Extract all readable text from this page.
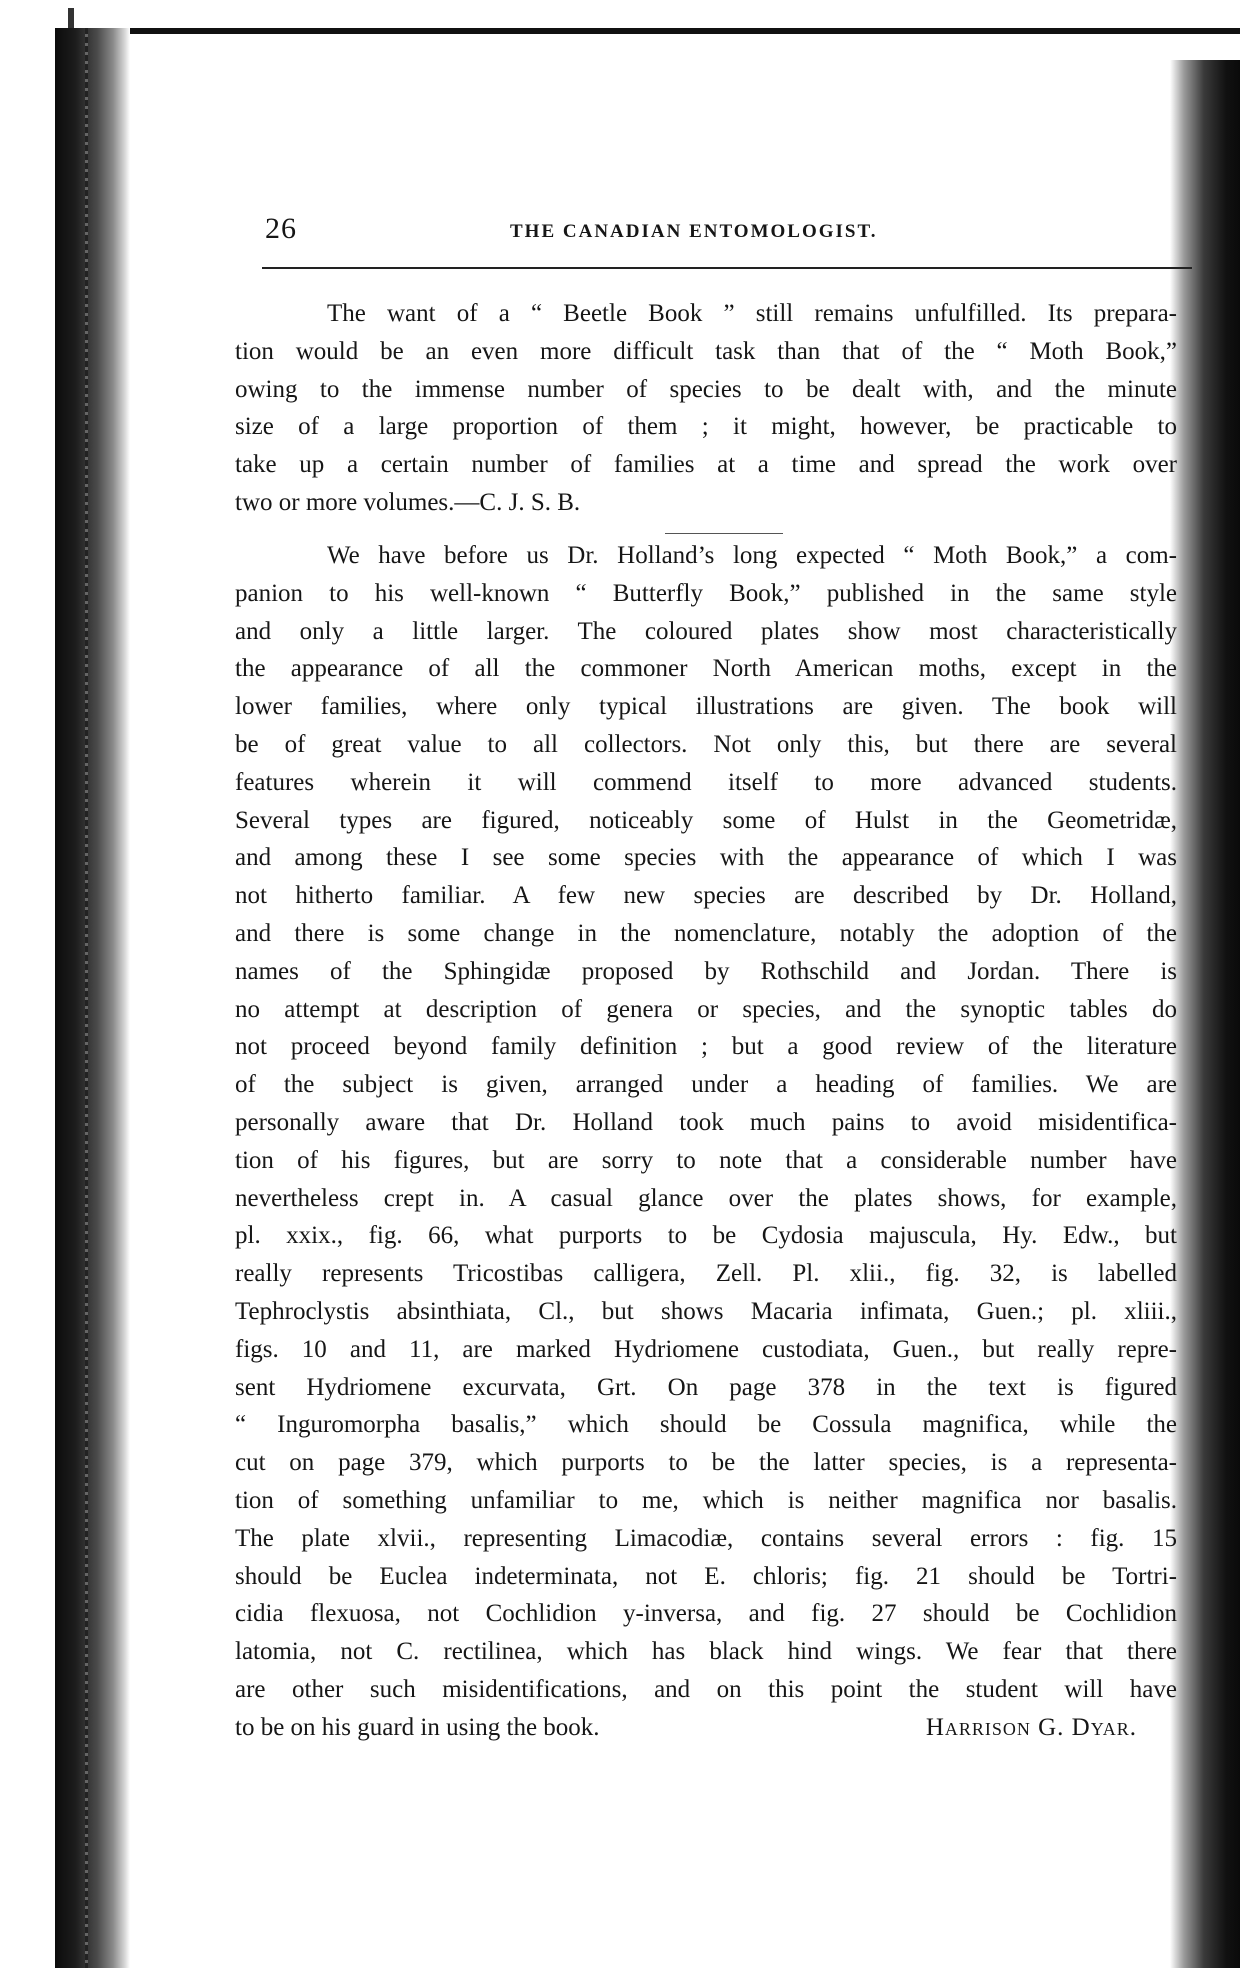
26	THE CANADIAN ENTOMOLOGIST.
The want of a “ Beetle Book ” still remains unfulfilled. Its prepara-
tion would be an even more difficult task than that of the “ Moth Book,”
owing to the immense number of species to be dealt with, and the minute
size of a large proportion of them ; it might, however, be practicable to
take up a certain number of families at a time and spread the work over
two or more volumes.—C. J. S. B.
We have before us Dr. Holland’s long expected “ Moth Book,” a com-
panion to his well-known “ Butterfly Book,” published in the same style
and only a little larger. The coloured plates show most characteristically
the appearance of all the commoner North American moths, except in the
lower families, where only typical illustrations are given. The book will
be of great value to all collectors. Not only this, but there are several
features wherein it will commend itself to more advanced students.
Several types are figured, noticeably some of Hulst in the Geometridæ,
and among these I see some species with the appearance of which I was
not hitherto familiar. A few new species are described by Dr. Holland,
and there is some change in the nomenclature, notably the adoption of the
names of the Sphingidæ proposed by Rothschild and Jordan. There is
no attempt at description of genera or species, and the synoptic tables do
not proceed beyond family definition ; but a good review of the literature
of the subject is given, arranged under a heading of families. We are
personally aware that Dr. Holland took much pains to avoid misidentifica-
tion of his figures, but are sorry to note that a considerable number have
nevertheless crept in. A casual glance over the plates shows, for example,
pl. xxix., fig. 66, what purports to be Cydosia majuscula, Hy. Edw., but
really represents Tricostibas calligera, Zell. Pl. xlii., fig. 32, is labelled
Tephroclystis absinthiata, Cl., but shows Macaria infimata, Guen.; pl. xliii.,
figs. 10 and 11, are marked Hydriomene custodiata, Guen., but really repre-
sent Hydriomene excurvata, Grt. On page 378 in the text is figured
“ Inguromorpha basalis,” which should be Cossula magnifica, while the
cut on page 379, which purports to be the latter species, is a representa-
tion of something unfamiliar to me, which is neither magnifica nor basalis.
The plate xlvii., representing Limacodiæ, contains several errors : fig. 15
should be Euclea indeterminata, not E. chloris; fig. 21 should be Tortri-
cidia flexuosa, not Cochlidion y-inversa, and fig. 27 should be Cochlidion
latomia, not C. rectilinea, which has black hind wings. We fear that there
are other such misidentifications, and on this point the student will have
to be on his guard in using the book.	Harrison G. Dyar.
